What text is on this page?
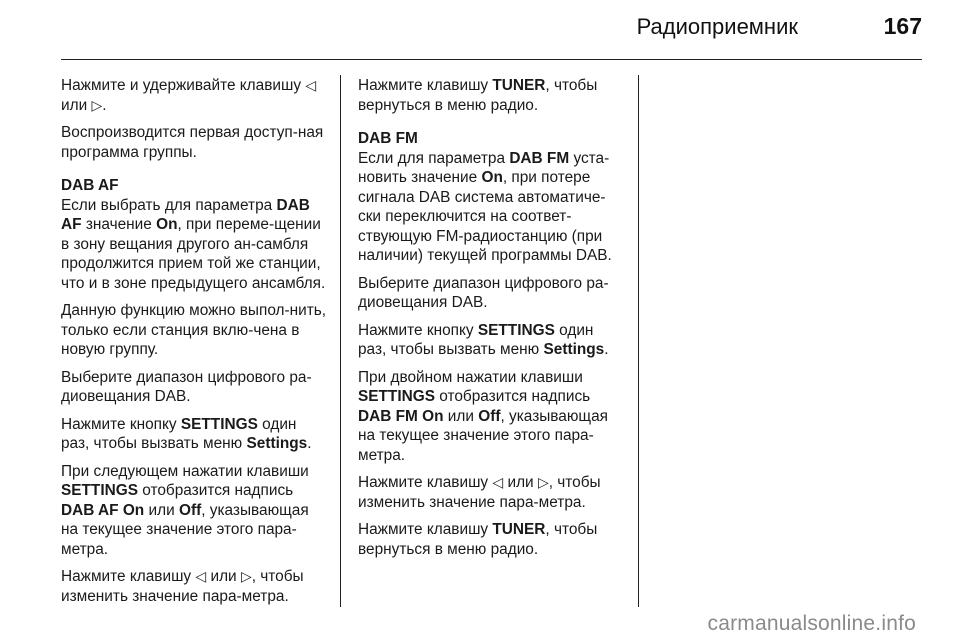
Радиоприемник	167

Нажмите и удерживайте клавишу ◁ или ▷.

Воспроизводится первая доступ-ная программа группы.

DAB AF

Если выбрать для параметра DAB AF значение On, при переме-щении в зону вещания другого ан-самбля продолжится прием той же станции, что и в зоне предыдущего ансамбля.

Данную функцию можно выпол-нить, только если станция вклю-чена в новую группу.

Выберите диапазон цифрового ра-диовещания DAB.

Нажмите кнопку SETTINGS один раз, чтобы вызвать меню Settings.

При следующем нажатии клавиши SETTINGS отобразится надпись DAB AF On или Off, указывающая на текущее значение этого пара-метра.

Нажмите клавишу ◁ или ▷, чтобы изменить значение пара-метра.

Нажмите клавишу TUNER, чтобы вернуться в меню радио.

DAB FM

Если для параметра DAB FM уста-новить значение On, при потере сигнала DAB система автоматиче-ски переключится на соответ-ствующую FM-радиостанцию (при наличии) текущей программы DAB.

Выберите диапазон цифрового ра-диовещания DAB.

Нажмите кнопку SETTINGS один раз, чтобы вызвать меню Settings.

При двойном нажатии клавиши SETTINGS отобразится надпись DAB FM On или Off, указывающая на текущее значение этого пара-метра.

Нажмите клавишу ◁ или ▷, чтобы изменить значение пара-метра.

Нажмите клавишу TUNER, чтобы вернуться в меню радио.

carmanualsonline.info
